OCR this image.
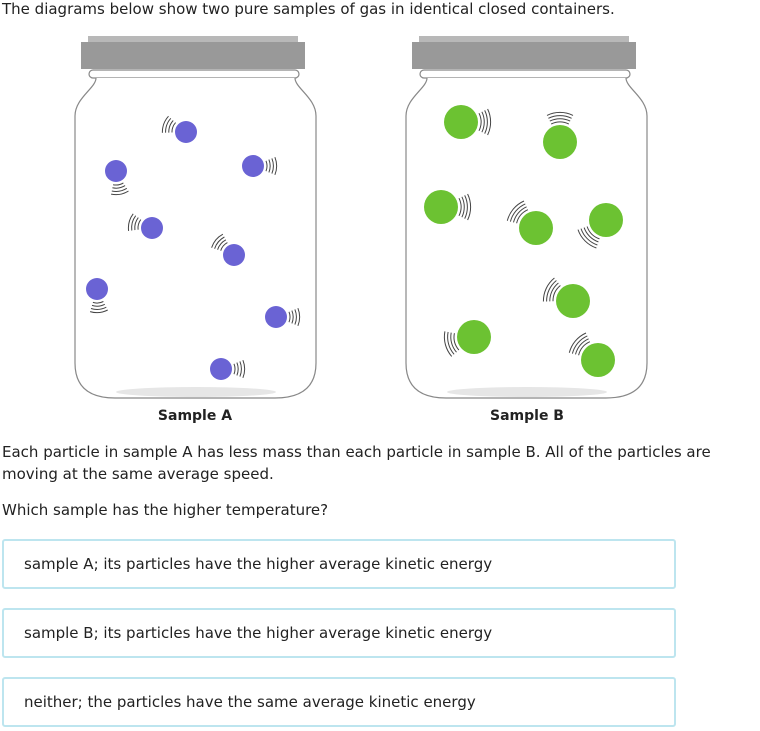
The diagrams below show two pure samples of gas in identical closed containers.

Sample A	Sample B

Each particle in sample A has less mass than each particle in sample B. All of the particles are moving at the same average speed.

Which sample has the higher temperature?

sample A; its particles have the higher average kinetic energy
sample B; its particles have the higher average kinetic energy
neither; the particles have the same average kinetic energy
